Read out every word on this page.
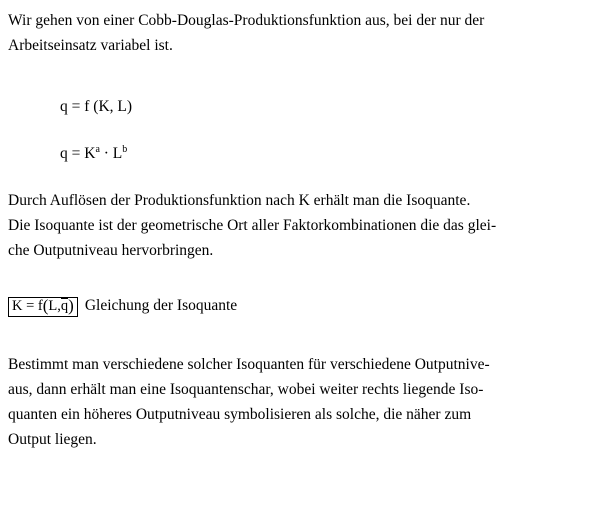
Wir gehen von einer Cobb-Douglas-Produktionsfunktion aus, bei der nur der
Arbeitseinsatz variabel ist.
q = f (K, L)
$q = K^a \cdot L^b$
Durch Auflösen der Produktionsfunktion nach K erhält man die Isoquante.
Die Isoquante ist der geometrische Ort aller Faktorkombinationen die das glei-
che Outputniveau hervorbringen.
K = f(L,q) Gleichung der Isoquante

Bestimmt man verschiedene solcher Isoquanten für verschiedene Outputnive-

aus, dann erhält man eine Isoquantenschar, wobei weiter rechts liegende Iso-

quanten ein höheres Outputniveau symbolisieren als solche, die näher zum

Output liegen.
